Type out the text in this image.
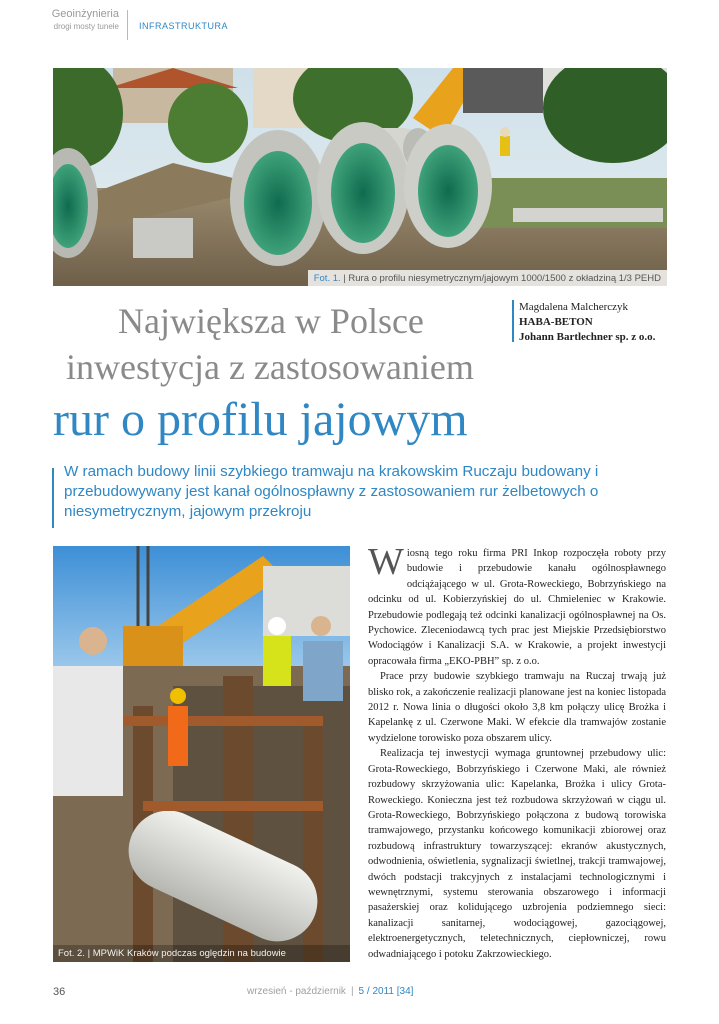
Geoinżynieria
drogi mosty tunele INFRASTRUKTURA
Fot. 1. | Rura o profilu niesymetrycznym/jajowym 1000/1500 z okładziną 1/3 PEHD
Największa w Polsce	Magdalena Malcherczyk
HABA-BETON
Johann Bartlechner sp. z o.o.
inwestycja z zastosowaniem
rur o profilu jajowym
W ramach budowy linii szybkiego tramwaju na krakowskim Ruczaju budowany i przebudowywany jest kanał ogólnospławny z zastosowaniem rur żelbetowych o niesymetrycznym, jajowym przekroju
Fot. 2. | MPWiK Kraków podczas oględzin na budowie

Wiosną tego roku firma PRI Inkop rozpoczęła roboty przy budowie i przebudowie kanału ogólnospławnego odciążającego w ul. Grota-Roweckiego, Bobrzyńskiego na odcinku od ul. Kobierzyńskiej do ul. Chmieleniec w Krakowie. Przebudowie podlegają też odcinki kanalizacji ogólnospławnej na Os. Pychowice. Zleceniodawcą tych prac jest Miejskie Przedsiębiorstwo Wodociągów i Kanalizacji S.A. w Krakowie, a projekt inwestycji opracowała firma „EKO-PBH” sp. z o.o.

Prace przy budowie szybkiego tramwaju na Ruczaj trwają już blisko rok, a zakończenie realizacji planowane jest na koniec listopada 2012 r. Nowa linia o długości około 3,8 km połączy ulicę Brożka i Kapelankę z ul. Czerwone Maki. W efekcie dla tramwajów zostanie wydzielone torowisko poza obszarem ulicy.

Realizacja tej inwestycji wymaga gruntownej przebudowy ulic: Grota-Roweckiego, Bobrzyńskiego i Czerwone Maki, ale również rozbudowy skrzyżowania ulic: Kapelanka, Brożka i ulicy Grota-Roweckiego. Konieczna jest też rozbudowa skrzyżowań w ciągu ul. Grota-Roweckiego, Bobrzyńskiego połączona z budową torowiska tramwajowego, przystanku końcowego komunikacji zbiorowej oraz rozbudową infrastruktury towarzyszącej: ekranów akustycznych, odwodnienia, oświetlenia, sygnalizacji świetlnej, trakcji tramwajowej, dwóch podstacji trakcyjnych z instalacjami technologicznymi i wewnętrznymi, systemu sterowania obszarowego i informacji pasażerskiej oraz kolidującego uzbrojenia podziemnego sieci: kanalizacji sanitarnej, wodociągowej, gazociągowej, elektroenergetycznych, teletechnicznych, ciepłowniczej, rowu odwadniającego i potoku Zakrzowieckiego.

36	wrzesień - październik | 5 / 2011 [34]
